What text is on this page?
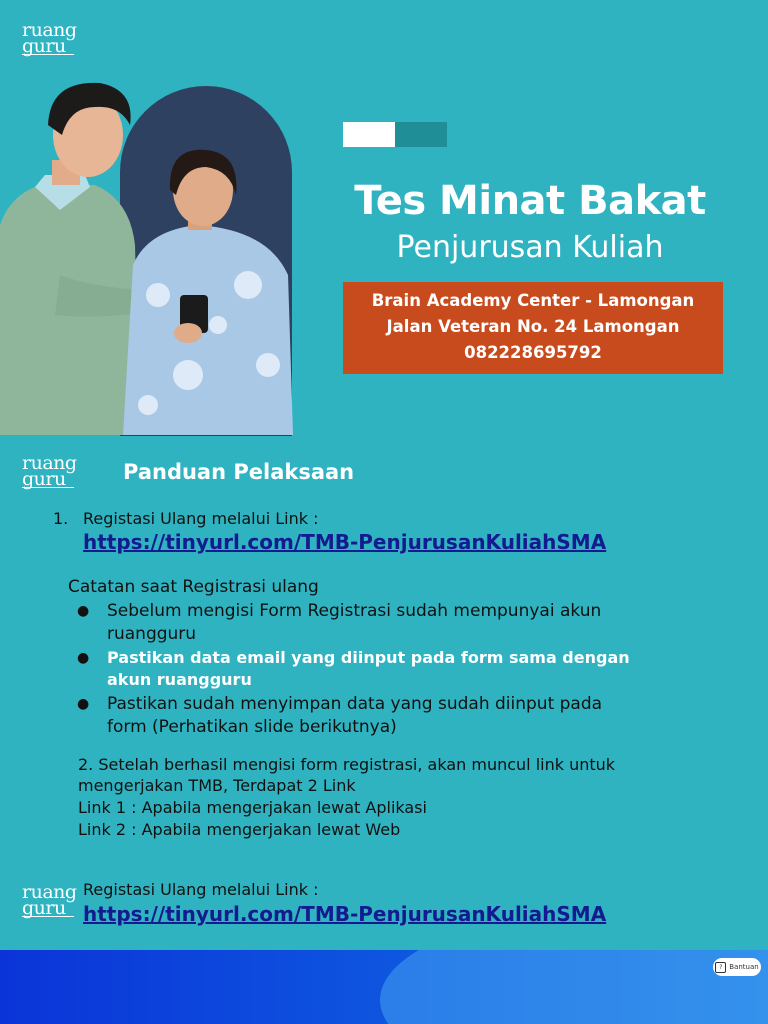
ruang
guru
Tes Minat Bakat
Penjurusan Kuliah
Brain Academy Center - Lamongan
Jalan Veteran No. 24 Lamongan
082228695792
ruang
guru	Panduan Pelaksaan
1. Registasi Ulang melalui Link :
https://tinyurl.com/TMB-PenjurusanKuliahSMA
Catatan saat Registrasi ulang
● Sebelum mengisi Form Registrasi sudah mempunyai akun
ruangguru
● Pastikan data email yang diinput pada form sama dengan
akun ruangguru
● Pastikan sudah menyimpan data yang sudah diinput pada
form (Perhatikan slide berikutnya)
2. Setelah berhasil mengisi form registrasi, akan muncul link untuk
mengerjakan TMB, Terdapat 2 Link
Link 1 : Apabila mengerjakan lewat Aplikasi
Link 2 : Apabila mengerjakan lewat Web
ruang
guru
Registasi Ulang melalui Link :
https://tinyurl.com/TMB-PenjurusanKuliahSMA
? Bantuan
